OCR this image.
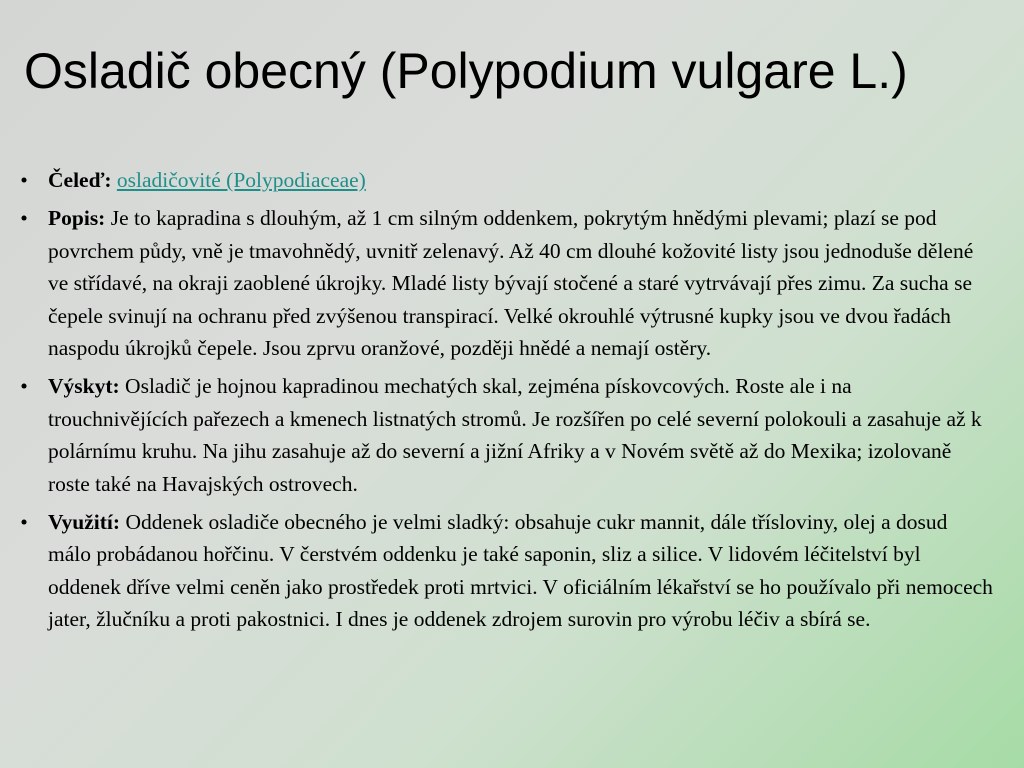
Osladič obecný (Polypodium vulgare L.)
• Čeleď: osladičovité (Polypodiaceae)
• Popis: Je to kapradina s dlouhým, až 1 cm silným oddenkem, pokrytým hnědými plevami; plazí se pod povrchem půdy, vně je tmavohnědý, uvnitř zelenavý. Až 40 cm dlouhé kožovité listy jsou jednoduše dělené ve střídavé, na okraji zaoblené úkrojky. Mladé listy bývají stočené a staré vytrvávají přes zimu. Za sucha se čepele svinují na ochranu před zvýšenou transpirací. Velké okrouhlé výtrusné kupky jsou ve dvou řadách naspodu úkrojků čepele. Jsou zprvu oranžové, později hnědé a nemají ostěry.
• Výskyt: Osladič je hojnou kapradinou mechatých skal, zejména pískovcových. Roste ale i na trouchnivějících pařezech a kmenech listnatých stromů. Je rozšířen po celé severní polokouli a zasahuje až k polárnímu kruhu. Na jihu zasahuje až do severní a jižní Afriky a v Novém světě až do Mexika; izolovaně roste také na Havajských ostrovech.
• Využití: Oddenek osladiče obecného je velmi sladký: obsahuje cukr mannit, dále třísloviny, olej a dosud málo probádanou hořčinu. V čerstvém oddenku je také saponin, sliz a silice. V lidovém léčitelství byl oddenek dříve velmi ceněn jako prostředek proti mrtvici. V oficiálním lékařství se ho používalo při nemocech jater, žlučníku a proti pakostnici. I dnes je oddenek zdrojem surovin pro výrobu léčiv a sbírá se.
